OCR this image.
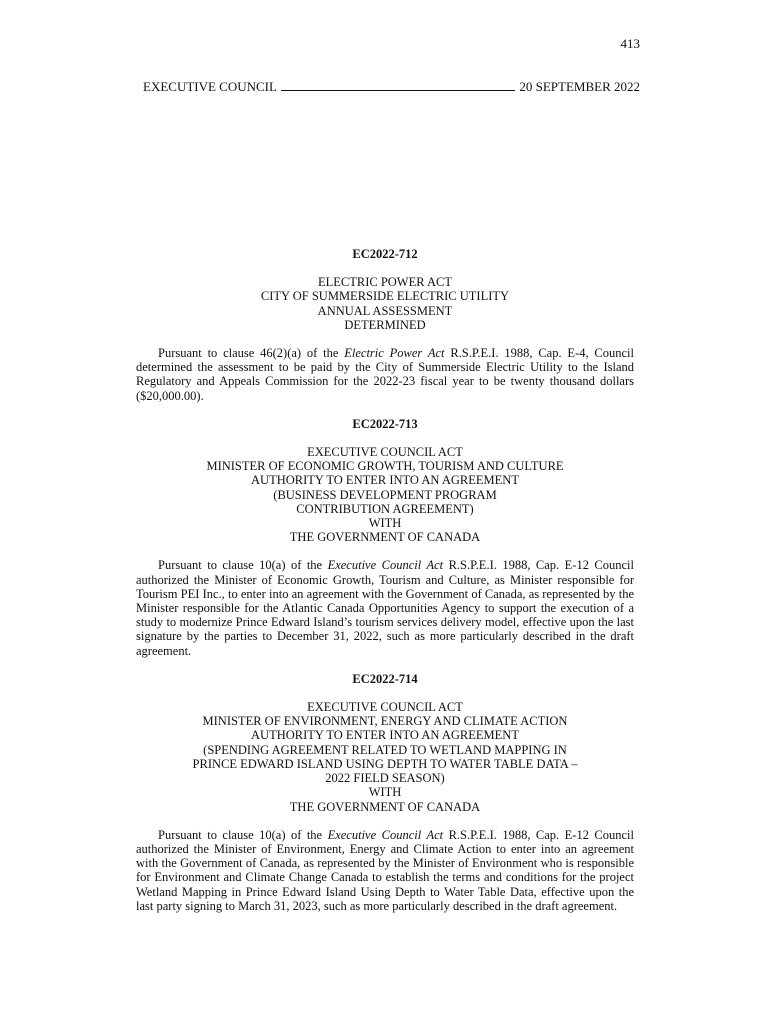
413
EXECUTIVE COUNCIL	20 SEPTEMBER 2022

EC2022-712

ELECTRIC POWER ACT
CITY OF SUMMERSIDE ELECTRIC UTILITY
ANNUAL ASSESSMENT
DETERMINED

Pursuant to clause 46(2)(a) of the Electric Power Act R.S.P.E.I. 1988, Cap. E-4, Council determined the assessment to be paid by the City of Summerside Electric Utility to the Island Regulatory and Appeals Commission for the 2022-23 fiscal year to be twenty thousand dollars ($20,000.00).

EC2022-713

EXECUTIVE COUNCIL ACT
MINISTER OF ECONOMIC GROWTH, TOURISM AND CULTURE
AUTHORITY TO ENTER INTO AN AGREEMENT
(BUSINESS DEVELOPMENT PROGRAM
CONTRIBUTION AGREEMENT)
WITH
THE GOVERNMENT OF CANADA

Pursuant to clause 10(a) of the Executive Council Act R.S.P.E.I. 1988, Cap. E-12 Council authorized the Minister of Economic Growth, Tourism and Culture, as Minister responsible for Tourism PEI Inc., to enter into an agreement with the Government of Canada, as represented by the Minister responsible for the Atlantic Canada Opportunities Agency to support the execution of a study to modernize Prince Edward Island’s tourism services delivery model, effective upon the last signature by the parties to December 31, 2022, such as more particularly described in the draft agreement.

EC2022-714

EXECUTIVE COUNCIL ACT
MINISTER OF ENVIRONMENT, ENERGY AND CLIMATE ACTION
AUTHORITY TO ENTER INTO AN AGREEMENT
(SPENDING AGREEMENT RELATED TO WETLAND MAPPING IN
PRINCE EDWARD ISLAND USING DEPTH TO WATER TABLE DATA –
2022 FIELD SEASON)
WITH
THE GOVERNMENT OF CANADA

Pursuant to clause 10(a) of the Executive Council Act R.S.P.E.I. 1988, Cap. E-12 Council authorized the Minister of Environment, Energy and Climate Action to enter into an agreement with the Government of Canada, as represented by the Minister of Environment who is responsible for Environment and Climate Change Canada to establish the terms and conditions for the project Wetland Mapping in Prince Edward Island Using Depth to Water Table Data, effective upon the last party signing to March 31, 2023, such as more particularly described in the draft agreement.
